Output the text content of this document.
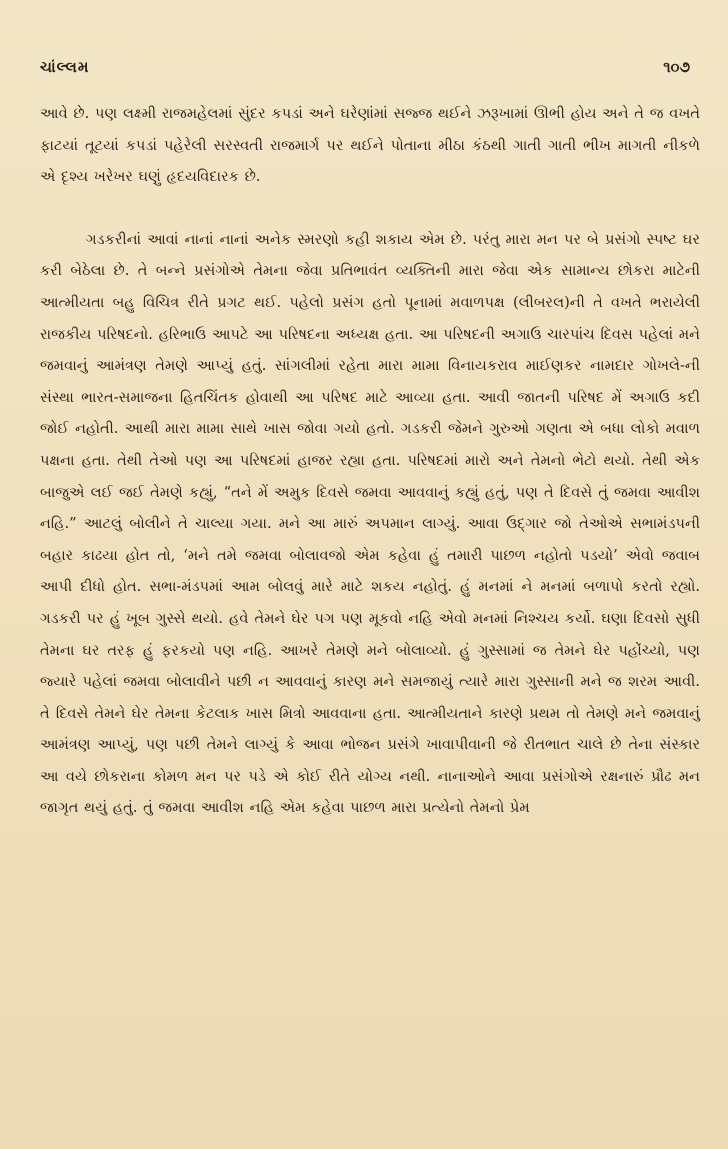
ચાંલ્લમ	૧૦૭

આવે છે. પણ લક્ષ્મી રાજમહેલમાં સુંદર કપડાં અને ઘરેણાંમાં સજ્જ થઈને ઝરૂખામાં ઊભી હોય અને તે જ વખતે ફાટયાં તૂટયાં કપડાં પહેરેલી સરસ્વતી રાજમાર્ગ પર થઈને પોતાના મીઠા કંઠથી ગાતી ગાતી ભીખ માગતી નીકળે એ દૃશ્ય ખરેખર ઘણું હૃદયવિદારક છે.

ગડકરીનાં આવાં નાનાં નાનાં અનેક સ્મરણો કહી શકાય એમ છે. પરંતુ મારા મન પર બે પ્રસંગો સ્પષ્ટ ઘર કરી બેઠેલા છે. તે બન્ને પ્રસંગોએ તેમના જેવા પ્રતિભાવંત વ્યક્તિની મારા જેવા એક સામાન્ય છોકરા માટેની આત્મીયતા બહુ વિચિત્ર રીતે પ્રગટ થઈ. પહેલો પ્રસંગ હતો પૂનામાં મવાળપક્ષ (લીબરલ)ની તે વખતે ભરાયેલી રાજકીય પરિષદનો. હરિભાઉ આપટે આ પરિષદના અધ્યક્ષ હતા. આ પરિષદની અગાઉ ચારપાંચ દિવસ પહેલાં મને જમવાનું આમંત્રણ તેમણે આપ્યું હતું. સાંગલીમાં રહેતા મારા મામા વિનાયકરાવ માઈણકર નામદાર ગોખલે-ની સંસ્થા ભારત-સમાજના હિતચિંતક હોવાથી આ પરિષદ માટે આવ્યા હતા. આવી જાતની પરિષદ મેં અગાઉ કદી જોઈ નહોતી. આથી મારા મામા સાથે ખાસ જોવા ગયો હતો. ગડકરી જેમને ગુરુઓ ગણતા એ બધા લોકો મવાળ પક્ષના હતા. તેથી તેઓ પણ આ પરિષદમાં હાજર રહ્યા હતા. પરિષદમાં મારો અને તેમનો ભેટો થયો. તેથી એક બાજુએ લઈ જઈ તેમણે કહ્યું, “તને મેં અમુક દિવસે જમવા આવવાનું કહ્યું હતું, પણ તે દિવસે તું જમવા આવીશ નહિ.” આટલું બોલીને તે ચાલ્યા ગયા. મને આ મારું અપમાન લાગ્યું. આવા ઉદ્‌ગાર જો તેઓએ સભામંડપની બહાર કાઢયા હોત તો, ‘મને તમે જમવા બોલાવજો એમ કહેવા હું તમારી પાછળ નહોતો પડયો’ એવો જવાબ આપી દીધો હોત. સભા-મંડપમાં આમ બોલવું મારે માટે શકય નહોતું. હું મનમાં ને મનમાં બળાપો કરતો રહ્યો. ગડકરી પર હું ખૂબ ગુસ્સે થયો. હવે તેમને ઘેર પગ પણ મૂકવો નહિ એવો મનમાં નિશ્ચય કર્યો. ઘણા દિવસો સુધી તેમના ઘર તરફ હું ફરકયો પણ નહિ. આખરે તેમણે મને બોલાવ્યો. હું ગુસ્સામાં જ તેમને ઘેર પહોંચ્યો, પણ જ્યારે પહેલાં જમવા બોલાવીને પછી ન આવવાનું કારણ મને સમજાયું ત્યારે મારા ગુસ્સાની મને જ શરમ આવી. તે દિવસે તેમને ઘેર તેમના કેટલાક ખાસ મિત્રો આવવાના હતા. આત્મીયતાને કારણે પ્રથમ તો તેમણે મને જમવાનું આમંત્રણ આપ્યું, પણ પછી તેમને લાગ્યું કે આવા ભોજન પ્રસંગે ખાવાપીવાની જે રીતભાત ચાલે છે તેના સંસ્કાર આ વયે છોકરાના કોમળ મન પર પડે એ કોઈ રીતે યોગ્ય નથી. નાનાઓને આવા પ્રસંગોએ રક્ષનારું પ્રૌઢ મન જાગૃત થયું હતું. તું જમવા આવીશ નહિ એમ કહેવા પાછળ મારા પ્રત્યેનો તેમનો પ્રેમ
